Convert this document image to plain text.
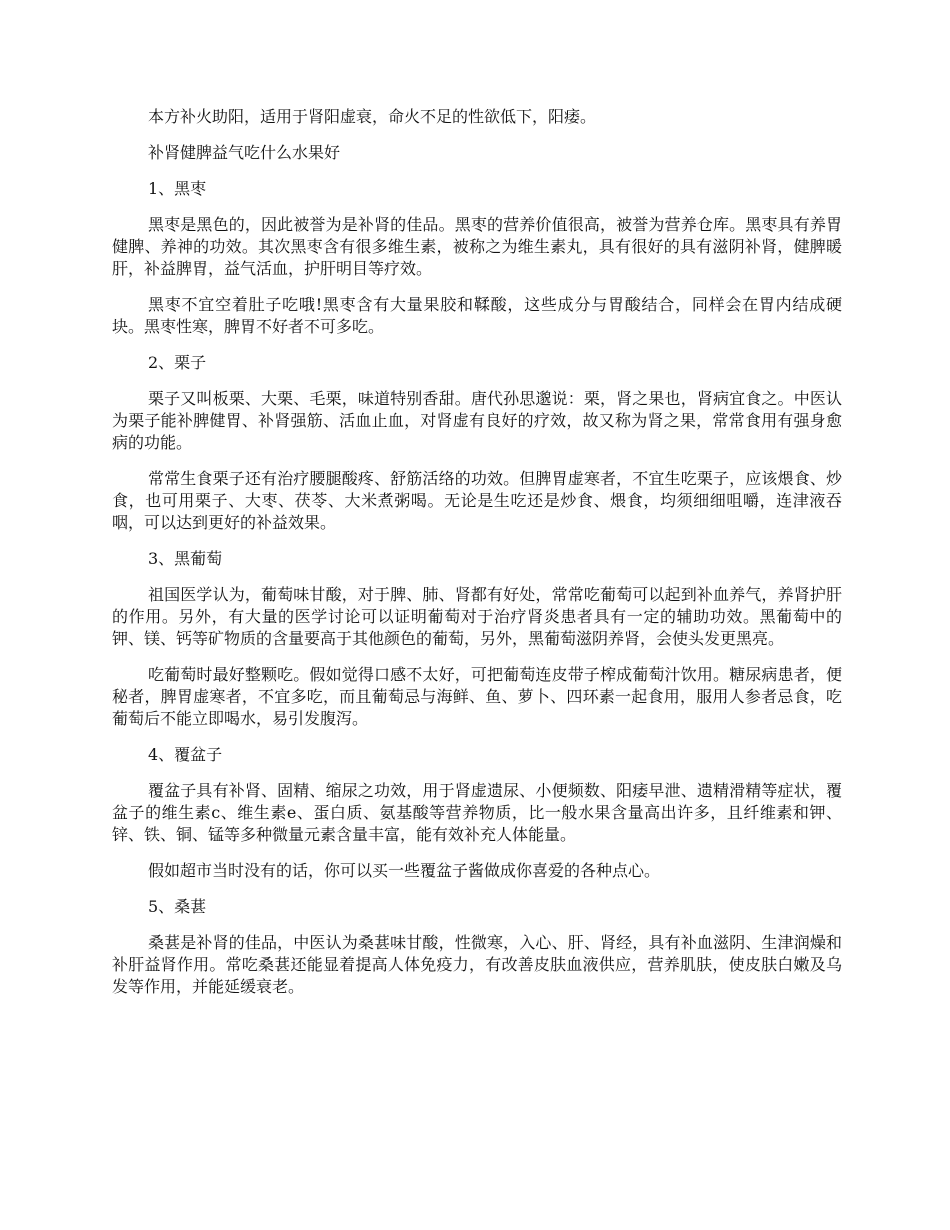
本方补火助阳，适用于肾阳虚衰，命火不足的性欲低下，阳痿。

补肾健脾益气吃什么水果好

1、黑枣

黑枣是黑色的，因此被誉为是补肾的佳品。黑枣的营养价值很高，被誉为营养仓库。黑枣具有养胃健脾、养神的功效。其次黑枣含有很多维生素，被称之为维生素丸，具有很好的具有滋阴补肾，健脾暖肝，补益脾胃，益气活血，护肝明目等疗效。

黑枣不宜空着肚子吃哦!黑枣含有大量果胶和鞣酸，这些成分与胃酸结合，同样会在胃内结成硬块。黑枣性寒，脾胃不好者不可多吃。

2、栗子

栗子又叫板栗、大栗、毛栗，味道特别香甜。唐代孙思邈说：栗，肾之果也，肾病宜食之。中医认为栗子能补脾健胃、补肾强筋、活血止血，对肾虚有良好的疗效，故又称为肾之果，常常食用有强身愈病的功能。

常常生食栗子还有治疗腰腿酸疼、舒筋活络的功效。但脾胃虚寒者，不宜生吃栗子，应该煨食、炒食，也可用栗子、大枣、茯苓、大米煮粥喝。无论是生吃还是炒食、煨食，均须细细咀嚼，连津液吞咽，可以达到更好的补益效果。

3、黑葡萄

祖国医学认为，葡萄味甘酸，对于脾、肺、肾都有好处，常常吃葡萄可以起到补血养气，养肾护肝的作用。另外，有大量的医学讨论可以证明葡萄对于治疗肾炎患者具有一定的辅助功效。黑葡萄中的钾、镁、钙等矿物质的含量要高于其他颜色的葡萄，另外，黑葡萄滋阴养肾，会使头发更黑亮。

吃葡萄时最好整颗吃。假如觉得口感不太好，可把葡萄连皮带子榨成葡萄汁饮用。糖尿病患者，便秘者，脾胃虚寒者，不宜多吃，而且葡萄忌与海鲜、鱼、萝卜、四环素一起食用，服用人参者忌食，吃葡萄后不能立即喝水，易引发腹泻。

4、覆盆子

覆盆子具有补肾、固精、缩尿之功效，用于肾虚遗尿、小便频数、阳痿早泄、遗精滑精等症状，覆盆子的维生素c、维生素e、蛋白质、氨基酸等营养物质，比一般水果含量高出许多，且纤维素和钾、锌、铁、铜、锰等多种微量元素含量丰富，能有效补充人体能量。

假如超市当时没有的话，你可以买一些覆盆子酱做成你喜爱的各种点心。

5、桑葚

桑葚是补肾的佳品，中医认为桑葚味甘酸，性微寒，入心、肝、肾经，具有补血滋阴、生津润燥和补肝益肾作用。常吃桑葚还能显着提高人体免疫力，有改善皮肤血液供应，营养肌肤，使皮肤白嫩及乌发等作用，并能延缓衰老。
